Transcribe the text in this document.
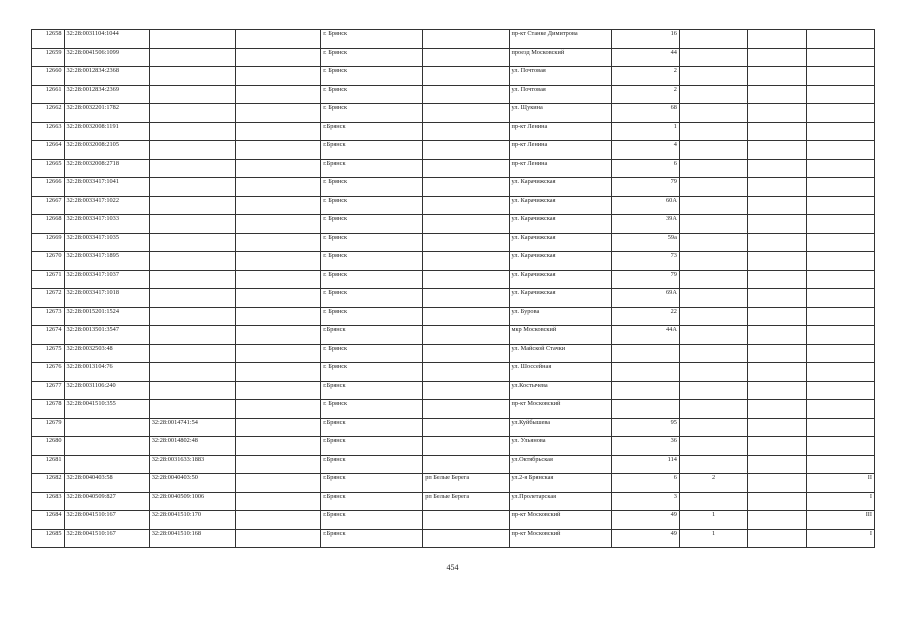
12658	32:28:0031104:1044			г. Брянск		пр-кт Станке Димитрова	16			
12659	32:28:0041506:1099			г. Брянск		проезд Московский	44			
12660	32:28:0012834:2368			г. Брянск		ул. Почтовая	2			
12661	32:28:0012834:2369			г. Брянск		ул. Почтовая	2			
12662	32:28:0032201:1782			г. Брянск		ул. Щукина	68			
12663	32:28:0032008:1191			г.Брянск		пр-кт Ленина	1			
12664	32:28:0032008:2105			г.Брянск		пр-кт Ленина	4			
12665	32:28:0032008:2718			г.Брянск		пр-кт Ленина	6			
12666	32:28:0033417:1041			г. Брянск		ул. Карачижская	79			
12667	32:28:0033417:1022			г. Брянск		ул. Карачижская	60А			
12668	32:28:0033417:1033			г. Брянск		ул. Карачижская	39А			
12669	32:28:0033417:1035			г. Брянск		ул. Карачижская	59а			
12670	32:28:0033417:1895			г. Брянск		ул. Карачижская	73			
12671	32:28:0033417:1037			г. Брянск		ул. Карачижская	79			
12672	32:28:0033417:1018			г. Брянск		ул. Карачижская	69А			
12673	32:28:0015201:1524			г. Брянск		ул. Бурова	22			
12674	32:28:0013501:3547			г.Брянск		мкр Московский	44А			
12675	32:28:0032503:48			г. Брянск		ул. Майской Стачки				
12676	32:28:0013104:76			г. Брянск		ул. Шоссейная				
12677	32:28:0031106:240			г.Брянск		ул.Костычева				
12678	32:28:0041510:355			г. Брянск		пр-кт Московский				
12679		32:28:0014741:54		г.Брянск		ул.Куйбышева	95			
12680		32:28:0014802:48		г.Брянск		ул. Ульянова	36			
12681		32:28:0031633:1883		г.Брянск		ул.Октябрьская	114			
12682	32:28:0040403:58	32:28:0040403:50		г.Брянск	рп Белые Берега	ул.2-я Брянская	6	2		II
12683	32:28:0040509:827	32:28:0040509:1006		г.Брянск	рп Белые Берега	ул.Пролетарская	3			I
12684	32:28:0041510:167	32:28:0041510:170		г.Брянск		пр-кт Московский	49	1		III
12685	32:28:0041510:167	32:28:0041510:168		г.Брянск		пр-кт Московский	49	1		I
454
